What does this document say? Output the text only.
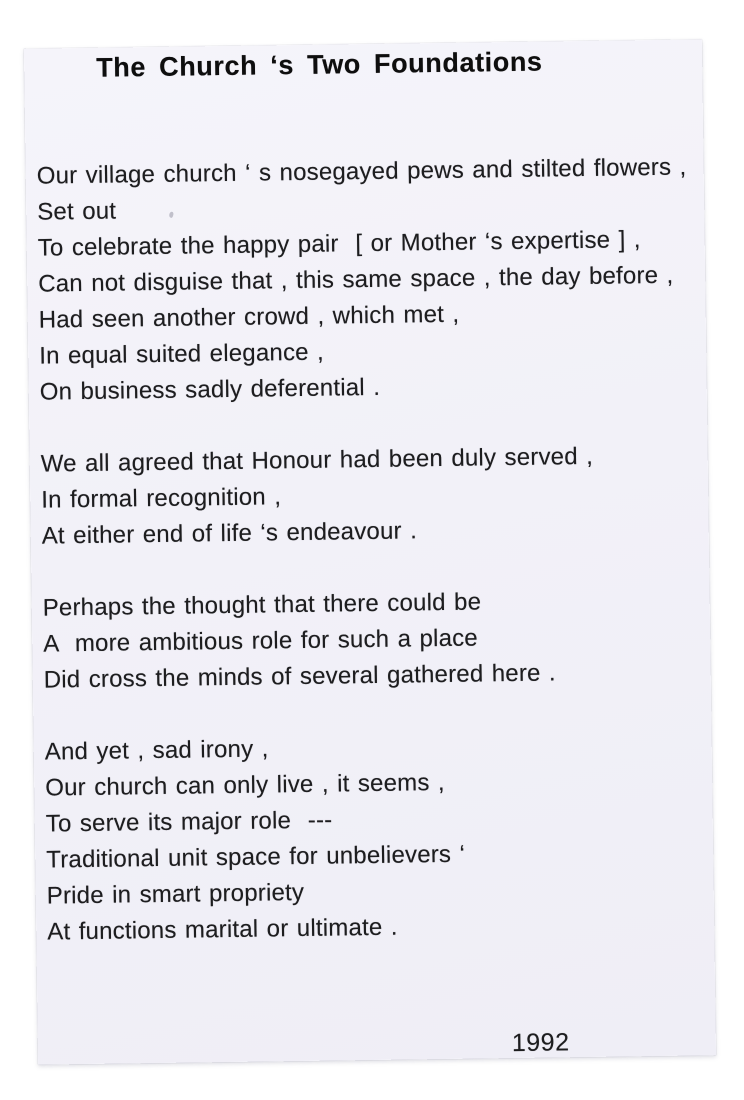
The Church ‘s Two Foundations
Our village church ‘ s nosegayed pews and stilted flowers ,
Set out
To celebrate the happy pair  [ or Mother ‘s expertise ] ,
Can not disguise that , this same space , the day before ,
Had seen another crowd , which met ,
In equal suited elegance ,
On business sadly deferential .
We all agreed that Honour had been duly served ,
In formal recognition ,
At either end of life ‘s endeavour .
Perhaps the thought that there could be
A  more ambitious role for such a place
Did cross the minds of several gathered here .
And yet , sad irony ,
Our church can only live , it seems ,
To serve its major role  ---
Traditional unit space for unbelievers ‘
Pride in smart propriety
At functions marital or ultimate .
1992
